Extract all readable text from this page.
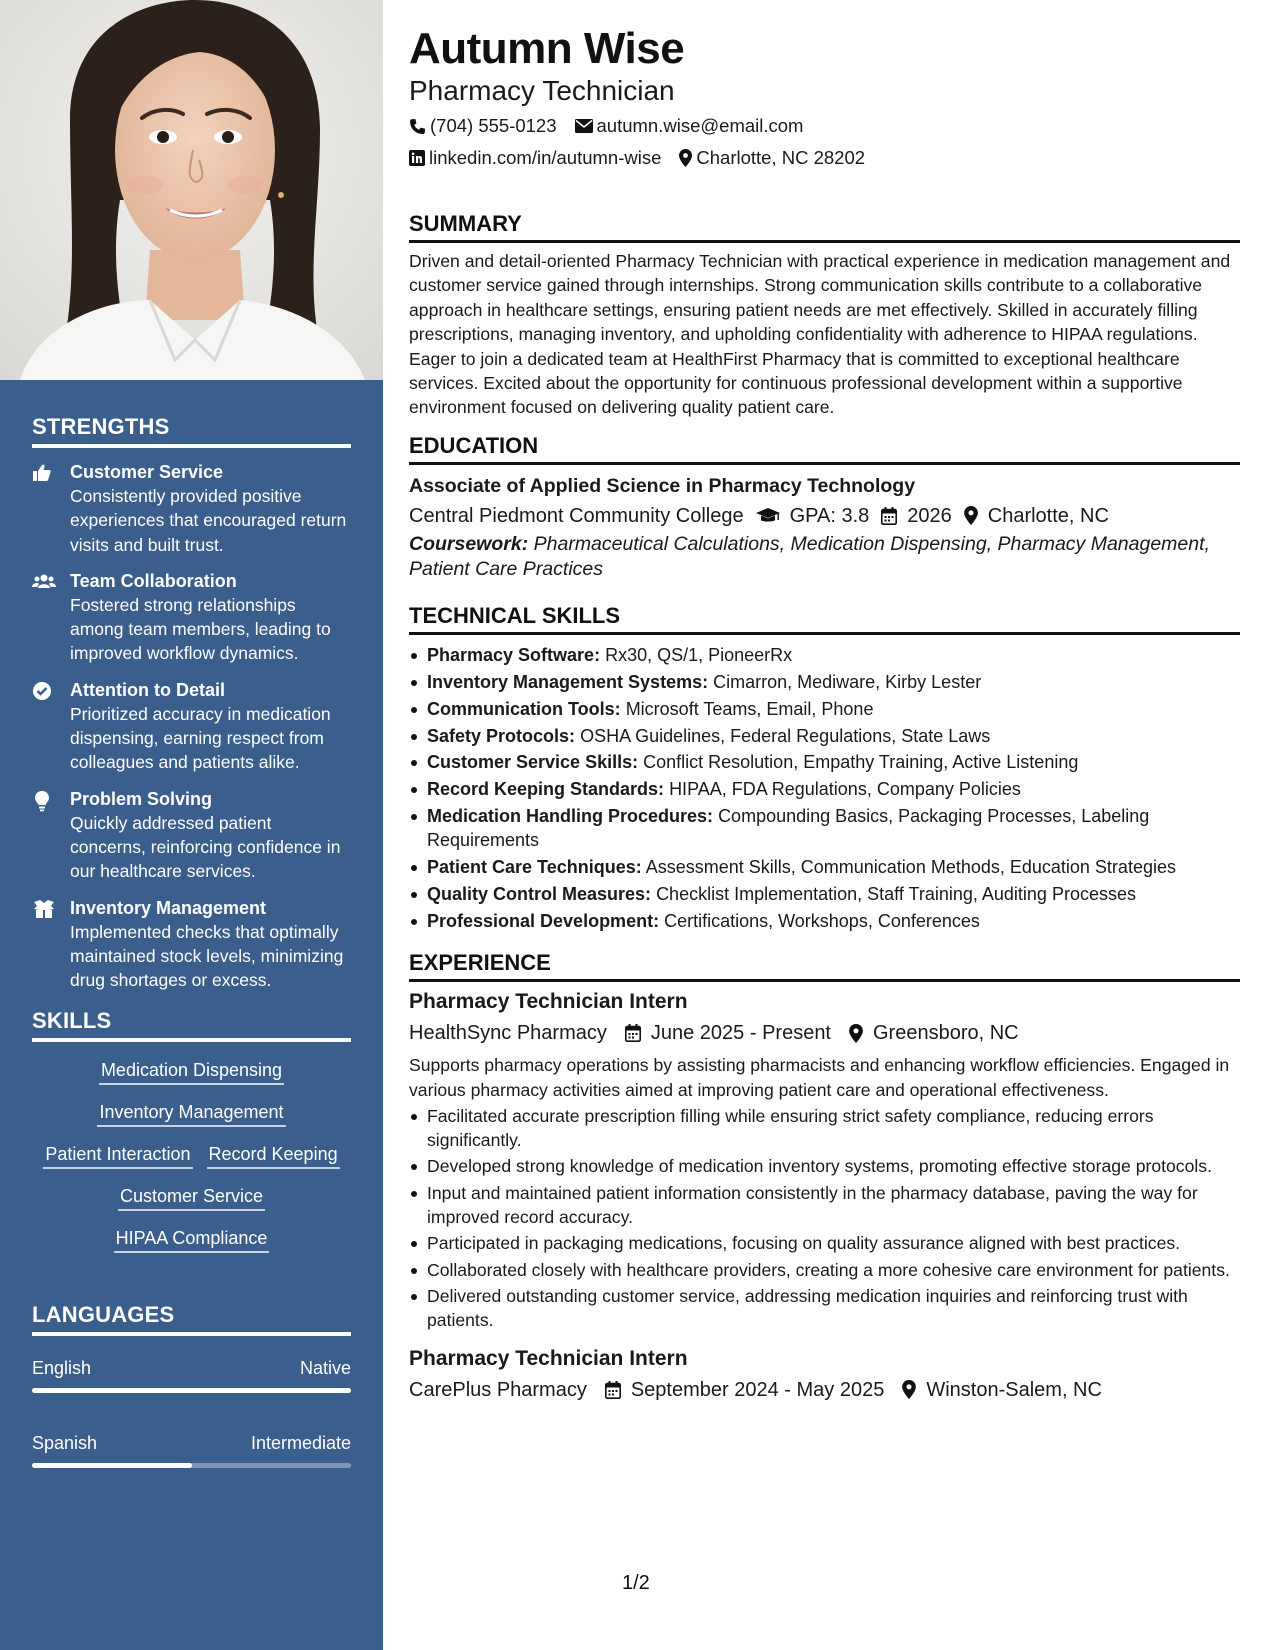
STRENGTHS
Customer Service
Consistently provided positive experiences that encouraged return visits and built trust.
Team Collaboration
Fostered strong relationships among team members, leading to improved workflow dynamics.
Attention to Detail
Prioritized accuracy in medication dispensing, earning respect from colleagues and patients alike.
Problem Solving
Quickly addressed patient concerns, reinforcing confidence in our healthcare services.
Inventory Management
Implemented checks that optimally maintained stock levels, minimizing drug shortages or excess.
SKILLS
Medication Dispensing
Inventory Management
Patient Interaction Record Keeping
Customer Service
HIPAA Compliance
LANGUAGES
English	Native
Spanish	Intermediate
Autumn Wise
Pharmacy Technician
(704) 555-0123 autumn.wise@email.com
linkedin.com/in/autumn-wise Charlotte, NC 28202
SUMMARY

Driven and detail-oriented Pharmacy Technician with practical experience in medication management and customer service gained through internships. Strong communication skills contribute to a collaborative approach in healthcare settings, ensuring patient needs are met effectively. Skilled in accurately filling prescriptions, managing inventory, and upholding confidentiality with adherence to HIPAA regulations. Eager to join a dedicated team at HealthFirst Pharmacy that is committed to exceptional healthcare services. Excited about the opportunity for continuous professional development within a supportive environment focused on delivering quality patient care.

EDUCATION
Associate of Applied Science in Pharmacy Technology
Central Piedmont Community College GPA: 3.8 2026 Charlotte, NC
Coursework: Pharmaceutical Calculations, Medication Dispensing, Pharmacy Management, Patient Care Practices
TECHNICAL SKILLS
Pharmacy Software: Rx30, QS/1, PioneerRx
Inventory Management Systems: Cimarron, Mediware, Kirby Lester
Communication Tools: Microsoft Teams, Email, Phone
Safety Protocols: OSHA Guidelines, Federal Regulations, State Laws
Customer Service Skills: Conflict Resolution, Empathy Training, Active Listening
Record Keeping Standards: HIPAA, FDA Regulations, Company Policies
Medication Handling Procedures: Compounding Basics, Packaging Processes, Labeling Requirements
Patient Care Techniques: Assessment Skills, Communication Methods, Education Strategies
Quality Control Measures: Checklist Implementation, Staff Training, Auditing Processes
Professional Development: Certifications, Workshops, Conferences
EXPERIENCE
Pharmacy Technician Intern
HealthSync Pharmacy June 2025 - Present Greensboro, NC

Supports pharmacy operations by assisting pharmacists and enhancing workflow efficiencies. Engaged in various pharmacy activities aimed at improving patient care and operational effectiveness.

Facilitated accurate prescription filling while ensuring strict safety compliance, reducing errors significantly.
Developed strong knowledge of medication inventory systems, promoting effective storage protocols.
Input and maintained patient information consistently in the pharmacy database, paving the way for improved record accuracy.
Participated in packaging medications, focusing on quality assurance aligned with best practices.
Collaborated closely with healthcare providers, creating a more cohesive care environment for patients.
Delivered outstanding customer service, addressing medication inquiries and reinforcing trust with patients.
Pharmacy Technician Intern
CarePlus Pharmacy September 2024 - May 2025 Winston-Salem, NC
1/2
